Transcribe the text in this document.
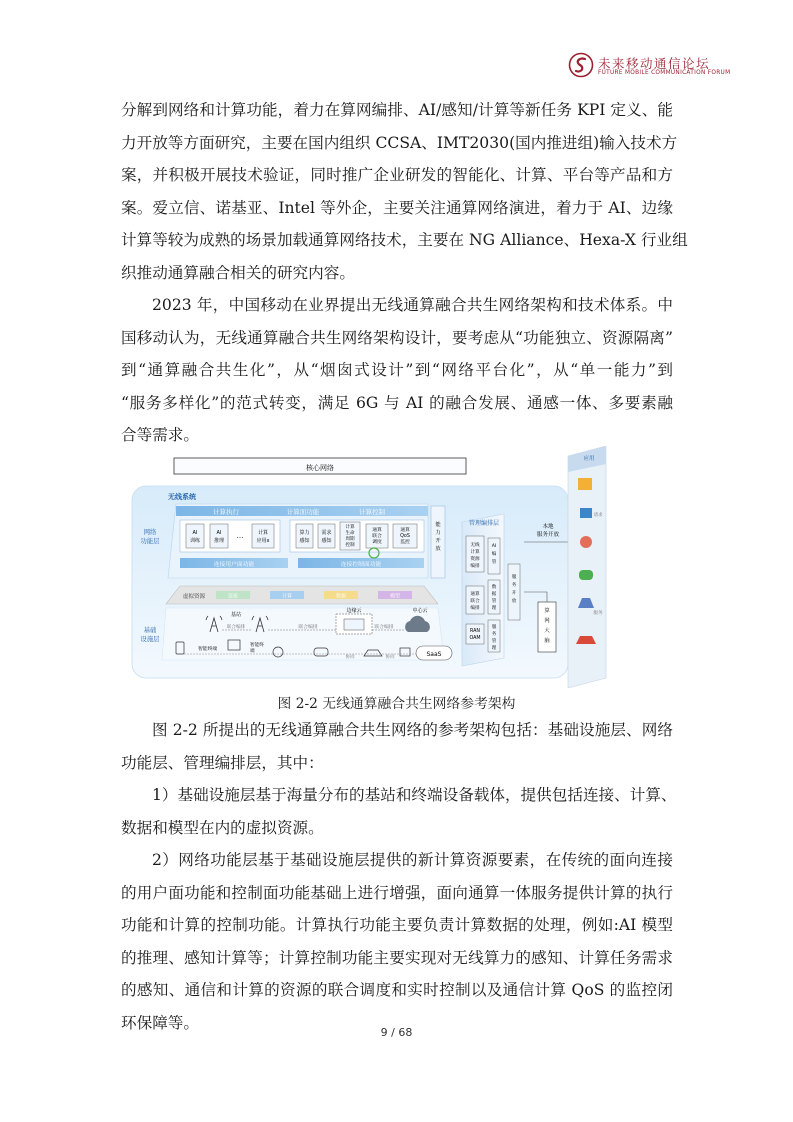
未来移动通信论坛
FUTURE MOBILE COMMUNICATION FORUM
分解到网络和计算功能，着力在算网编排、AI/感知/计算等新任务 KPI 定义、能
力开放等方面研究，主要在国内组织 CCSA、IMT2030(国内推进组)输入技术方
案，并积极开展技术验证，同时推广企业研发的智能化、计算、平台等产品和方
案。爱立信、诺基亚、Intel 等外企，主要关注通算网络演进，着力于 AI、边缘
计算等较为成熟的场景加载通算网络技术，主要在 NG Alliance、Hexa-X 行业组
织推动通算融合相关的研究内容。
2023 年，中国移动在业界提出无线通算融合共生网络架构和技术体系。中
国移动认为，无线通算融合共生网络架构设计，要考虑从“功能独立、资源隔离”
到“通算融合共生化”，从“烟囱式设计”到“网络平台化”，从“单一能力”到
“服务多样化”的范式转变，满足 6G 与 AI 的融合发展、通感一体、多要素融
合等需求。
核心网络
无线系统
计算执行	计算面功能	计算控制
网络
功能层
AI
训练
AI
推理
…	计算
应用x
算力
感知
需求
感知
计算
生命
周期
控制
通算
联合
调度
通算
QoS
监控
能
力
开
放
连接用户面功能	连接控制面功能
虚拟资源	连接	计算	数据	模型
基础
设施层
基站
联合编排	联合编排
边缘云
联合编排
中心云
智能终端
智能终
端
协同	协同	SaaS
管理编排层
无线
计算
资源
编排
AI
编
管
通算
联合
编排
数
据
管
理
RAN
OAM
服
务
管
理
服
务
开
放
本地
服务开放
算
网
大
脑
应用
请求
服务
图 2-2 无线通算融合共生网络参考架构
图 2-2 所提出的无线通算融合共生网络的参考架构包括：基础设施层、网络
功能层、管理编排层，其中：
1）基础设施层基于海量分布的基站和终端设备载体，提供包括连接、计算、
数据和模型在内的虚拟资源。
2）网络功能层基于基础设施层提供的新计算资源要素，在传统的面向连接
的用户面功能和控制面功能基础上进行增强，面向通算一体服务提供计算的执行
功能和计算的控制功能。计算执行功能主要负责计算数据的处理，例如:AI 模型
的推理、感知计算等；计算控制功能主要实现对无线算力的感知、计算任务需求
的感知、通信和计算的资源的联合调度和实时控制以及通信计算 QoS 的监控闭
环保障等。
9 / 68
